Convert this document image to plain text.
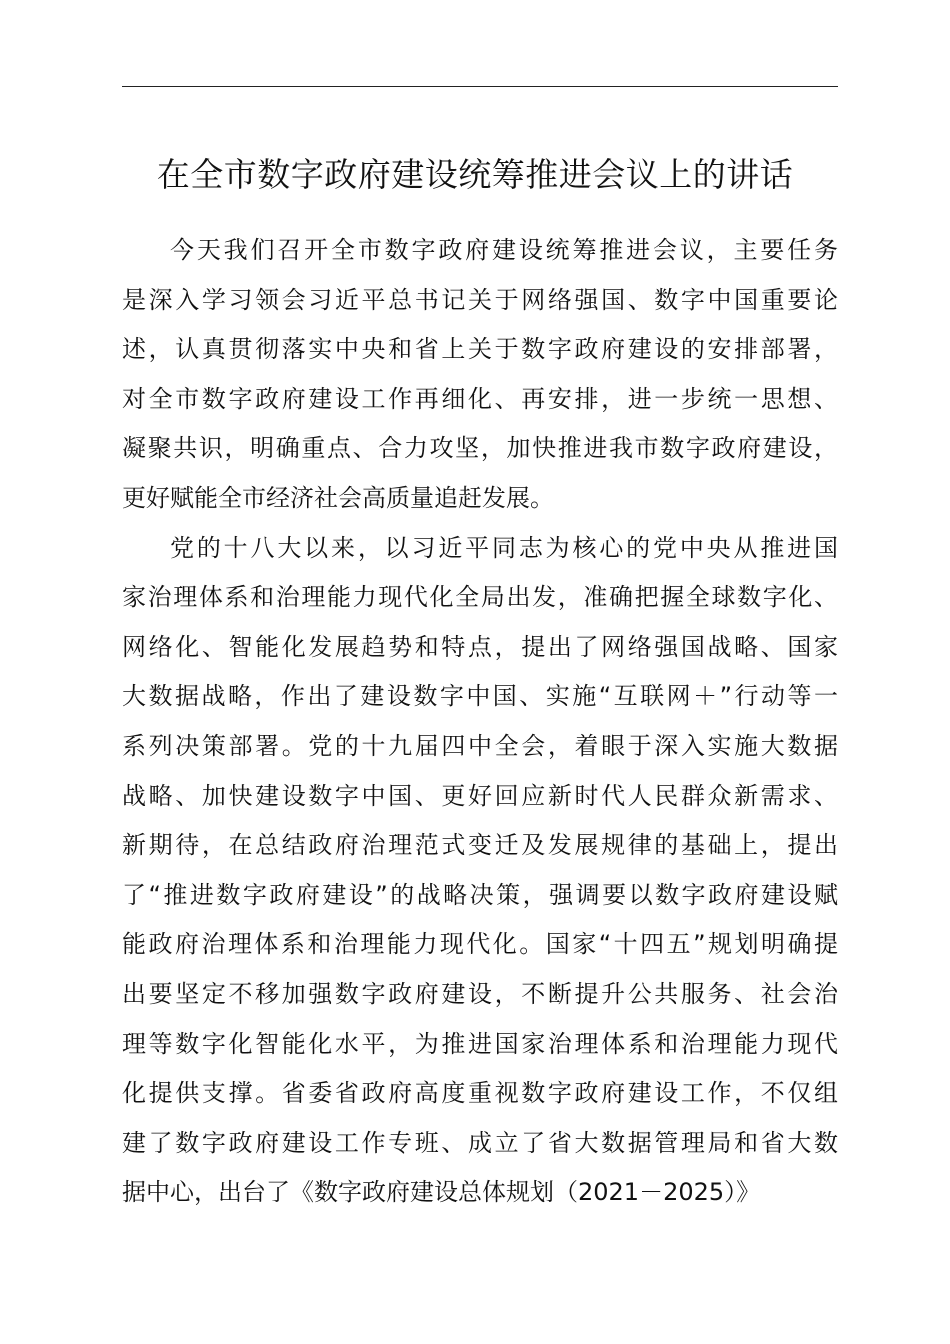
在全市数字政府建设统筹推进会议上的讲话

今天我们召开全市数字政府建设统筹推进会议，主要任务
是深入学习领会习近平总书记关于网络强国、数字中国重要论
述，认真贯彻落实中央和省上关于数字政府建设的安排部署，
对全市数字政府建设工作再细化、再安排，进一步统一思想、
凝聚共识，明确重点、合力攻坚，加快推进我市数字政府建设，
更好赋能全市经济社会高质量追赶发展。

党的十八大以来，以习近平同志为核心的党中央从推进国
家治理体系和治理能力现代化全局出发，准确把握全球数字化、
网络化、智能化发展趋势和特点，提出了网络强国战略、国家
大数据战略，作出了建设数字中国、实施“互联网＋”行动等一
系列决策部署。党的十九届四中全会，着眼于深入实施大数据
战略、加快建设数字中国、更好回应新时代人民群众新需求、
新期待，在总结政府治理范式变迁及发展规律的基础上，提出
了“推进数字政府建设”的战略决策，强调要以数字政府建设赋
能政府治理体系和治理能力现代化。国家“十四五”规划明确提
出要坚定不移加强数字政府建设，不断提升公共服务、社会治
理等数字化智能化水平，为推进国家治理体系和治理能力现代
化提供支撑。省委省政府高度重视数字政府建设工作，不仅组
建了数字政府建设工作专班、成立了省大数据管理局和省大数
据中心，出台了《数字政府建设总体规划（2021－2025）》
